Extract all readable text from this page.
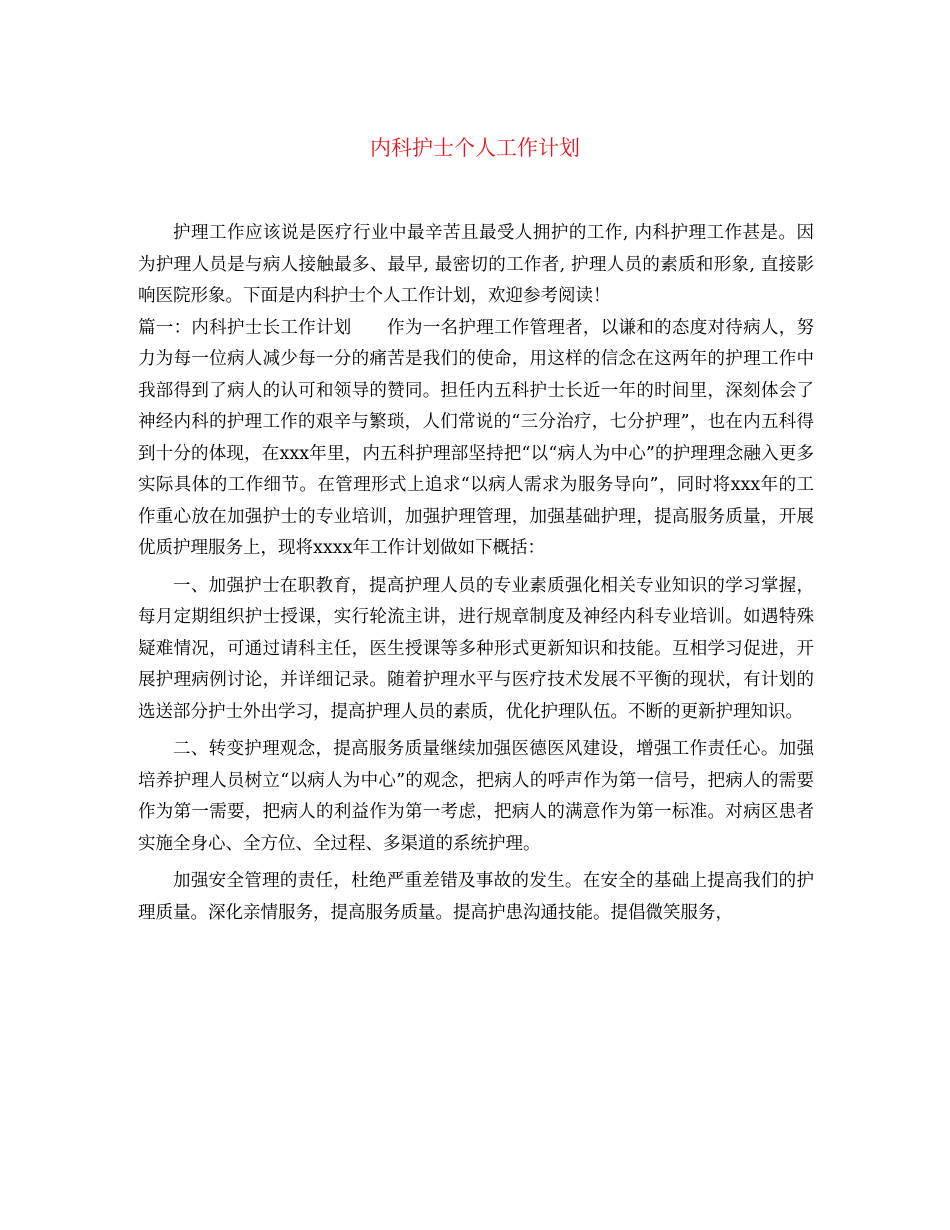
内科护士个人工作计划

护理工作应该说是医疗行业中最辛苦且最受人拥护的工作, 内科护理工作甚是。因为护理人员是与病人接触最多、最早, 最密切的工作者, 护理人员的素质和形象, 直接影响医院形象。下面是内科护士个人工作计划，欢迎参考阅读！

篇一：内科护士长工作计划　　作为一名护理工作管理者，以谦和的态度对待病人，努力为每一位病人减少每一分的痛苦是我们的使命，用这样的信念在这两年的护理工作中我部得到了病人的认可和领导的赞同。担任内五科护士长近一年的时间里，深刻体会了神经内科的护理工作的艰辛与繁琐，人们常说的“三分治疗，七分护理”，也在内五科得到十分的体现，在xxx年里，内五科护理部坚持把“以“病人为中心”的护理理念融入更多实际具体的工作细节。在管理形式上追求“以病人需求为服务导向”，同时将xxx年的工作重心放在加强护士的专业培训，加强护理管理，加强基础护理，提高服务质量，开展优质护理服务上，现将xxxx年工作计划做如下概括：

一、加强护士在职教育，提高护理人员的专业素质强化相关专业知识的学习掌握，每月定期组织护士授课，实行轮流主讲，进行规章制度及神经内科专业培训。如遇特殊疑难情况，可通过请科主任，医生授课等多种形式更新知识和技能。互相学习促进，开展护理病例讨论，并详细记录。随着护理水平与医疗技术发展不平衡的现状，有计划的选送部分护士外出学习，提高护理人员的素质，优化护理队伍。不断的更新护理知识。

二、转变护理观念，提高服务质量继续加强医德医风建设，增强工作责任心。加强培养护理人员树立“以病人为中心”的观念，把病人的呼声作为第一信号，把病人的需要作为第一需要，把病人的利益作为第一考虑，把病人的满意作为第一标准。对病区患者实施全身心、全方位、全过程、多渠道的系统护理。

加强安全管理的责任，杜绝严重差错及事故的发生。在安全的基础上提高我们的护理质量。深化亲情服务，提高服务质量。提高护患沟通技能。提倡微笑服务，
